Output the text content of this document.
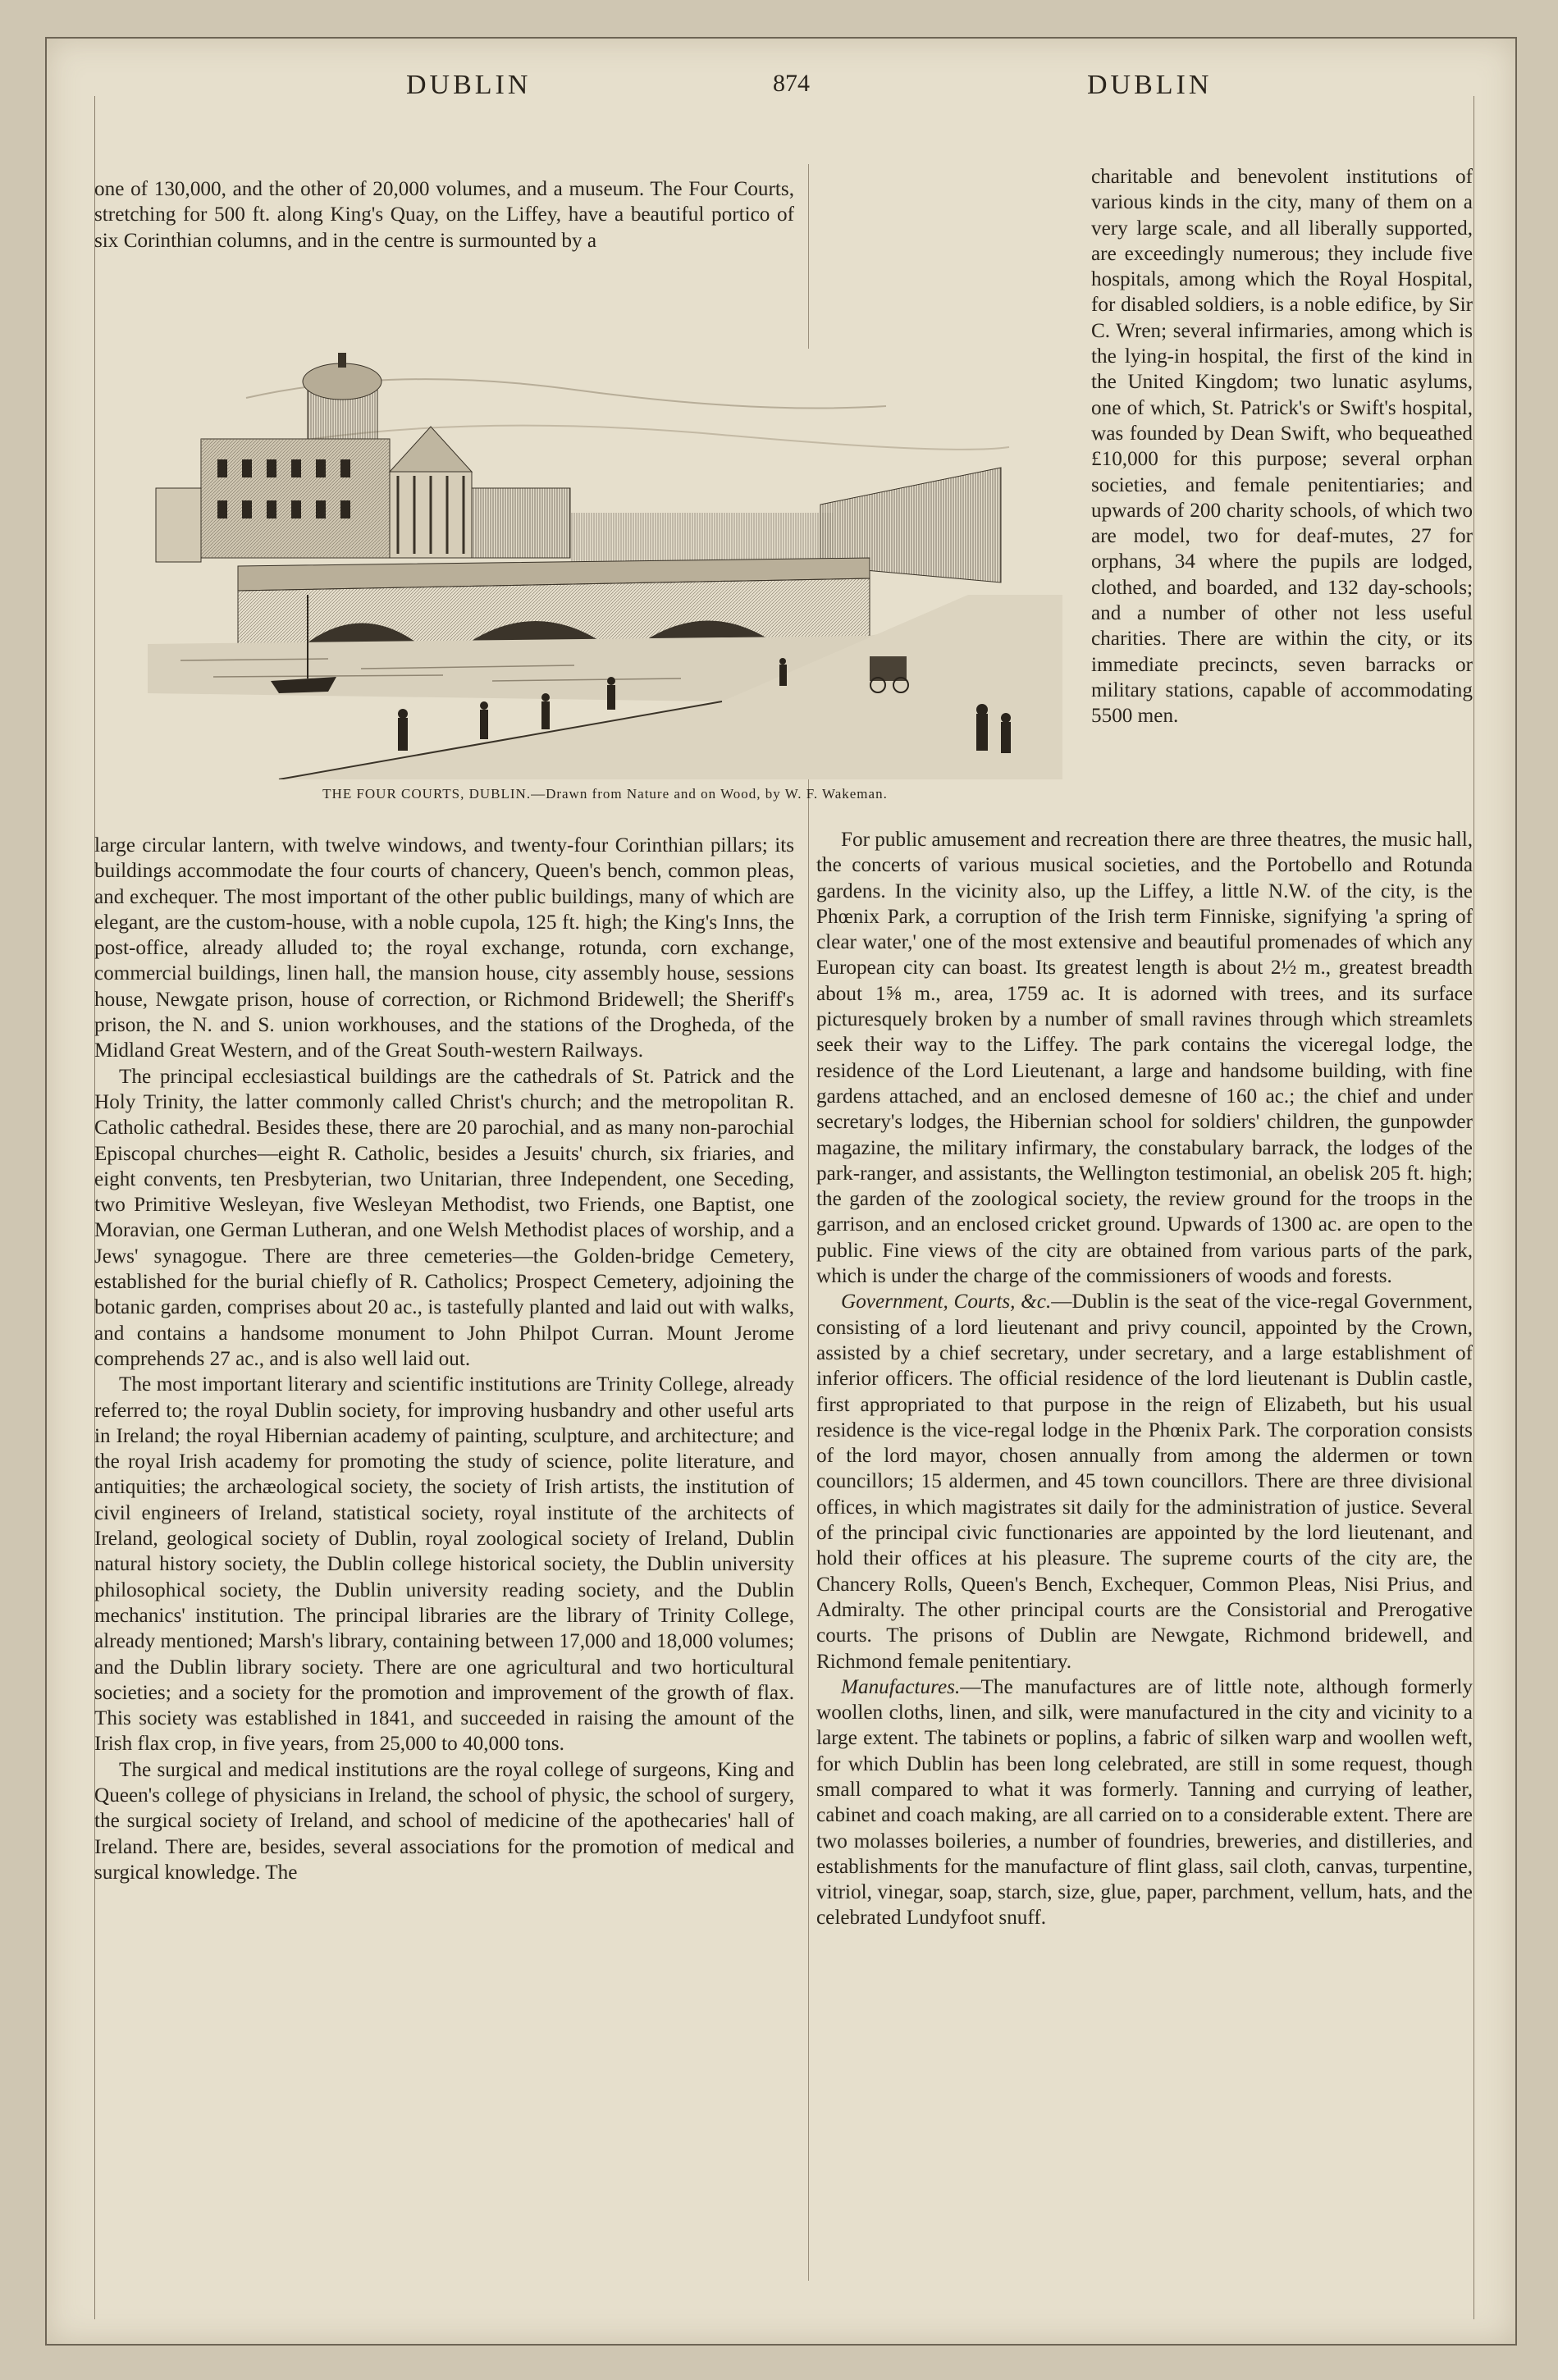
DUBLIN	874	DUBLIN

one of 130,000, and the other of 20,000 volumes, and a museum. The Four Courts, stretching for 500 ft. along King's Quay, on the Liffey, have a beautiful portico of six Corinthian columns, and in the centre is surmounted by a

THE FOUR COURTS, DUBLIN.—Drawn from Nature and on Wood, by W. F. Wakeman.

large circular lantern, with twelve windows, and twenty-four Corinthian pillars; its buildings accommodate the four courts of chancery, Queen's bench, common pleas, and exchequer. The most important of the other public buildings, many of which are elegant, are the custom-house, with a noble cupola, 125 ft. high; the King's Inns, the post-office, already alluded to; the royal exchange, rotunda, corn exchange, commercial buildings, linen hall, the mansion house, city assembly house, sessions house, Newgate prison, house of correction, or Richmond Bridewell; the Sheriff's prison, the N. and S. union workhouses, and the stations of the Drogheda, of the Midland Great Western, and of the Great South-western Railways.

The principal ecclesiastical buildings are the cathedrals of St. Patrick and the Holy Trinity, the latter commonly called Christ's church; and the metropolitan R. Catholic cathedral. Besides these, there are 20 parochial, and as many non-parochial Episcopal churches—eight R. Catholic, besides a Jesuits' church, six friaries, and eight convents, ten Presbyterian, two Unitarian, three Independent, one Seceding, two Primitive Wesleyan, five Wesleyan Methodist, two Friends, one Baptist, one Moravian, one German Lutheran, and one Welsh Methodist places of worship, and a Jews' synagogue. There are three cemeteries—the Golden-bridge Cemetery, established for the burial chiefly of R. Catholics; Prospect Cemetery, adjoining the botanic garden, comprises about 20 ac., is tastefully planted and laid out with walks, and contains a handsome monument to John Philpot Curran. Mount Jerome comprehends 27 ac., and is also well laid out.

The most important literary and scientific institutions are Trinity College, already referred to; the royal Dublin society, for improving husbandry and other useful arts in Ireland; the royal Hibernian academy of painting, sculpture, and architecture; and the royal Irish academy for promoting the study of science, polite literature, and antiquities; the archæological society, the society of Irish artists, the institution of civil engineers of Ireland, statistical society, royal institute of the architects of Ireland, geological society of Dublin, royal zoological society of Ireland, Dublin natural history society, the Dublin college historical society, the Dublin university philosophical society, the Dublin university reading society, and the Dublin mechanics' institution. The principal libraries are the library of Trinity College, already mentioned; Marsh's library, containing between 17,000 and 18,000 volumes; and the Dublin library society. There are one agricultural and two horticultural societies; and a society for the promotion and improvement of the growth of flax. This society was established in 1841, and succeeded in raising the amount of the Irish flax crop, in five years, from 25,000 to 40,000 tons.

The surgical and medical institutions are the royal college of surgeons, King and Queen's college of physicians in Ireland, the school of physic, the school of surgery, the surgical society of Ireland, and school of medicine of the apothecaries' hall of Ireland. There are, besides, several associations for the promotion of medical and surgical knowledge. The

charitable and benevolent institutions of various kinds in the city, many of them on a very large scale, and all liberally supported, are exceedingly numerous; they include five hospitals, among which the Royal Hospital, for disabled soldiers, is a noble edifice, by Sir C. Wren; several infirmaries, among which is the lying-in hospital, the first of the kind in the United Kingdom; two lunatic asylums, one of which, St. Patrick's or Swift's hospital, was founded by Dean Swift, who bequeathed £10,000 for this purpose; several orphan societies, and female penitentiaries; and upwards of 200 charity schools, of which two are model, two for deaf-mutes, 27 for orphans, 34 where the pupils are lodged, clothed, and boarded, and 132 day-schools; and a number of other not less useful charities. There are within the city, or its immediate precincts, seven barracks or military stations, capable of accommodating 5500 men.

For public amusement and recreation there are three theatres, the music hall, the concerts of various musical societies, and the Portobello and Rotunda gardens. In the vicinity also, up the Liffey, a little N.W. of the city, is the Phœnix Park, a corruption of the Irish term Finniske, signifying 'a spring of clear water,' one of the most extensive and beautiful promenades of which any European city can boast. Its greatest length is about 2½ m., greatest breadth about 1⅝ m., area, 1759 ac. It is adorned with trees, and its surface picturesquely broken by a number of small ravines through which streamlets seek their way to the Liffey. The park contains the viceregal lodge, the residence of the Lord Lieutenant, a large and handsome building, with fine gardens attached, and an enclosed demesne of 160 ac.; the chief and under secretary's lodges, the Hibernian school for soldiers' children, the gunpowder magazine, the military infirmary, the constabulary barrack, the lodges of the park-ranger, and assistants, the Wellington testimonial, an obelisk 205 ft. high; the garden of the zoological society, the review ground for the troops in the garrison, and an enclosed cricket ground. Upwards of 1300 ac. are open to the public. Fine views of the city are obtained from various parts of the park, which is under the charge of the commissioners of woods and forests.

Government, Courts, &c.—Dublin is the seat of the vice-regal Government, consisting of a lord lieutenant and privy council, appointed by the Crown, assisted by a chief secretary, under secretary, and a large establishment of inferior officers. The official residence of the lord lieutenant is Dublin castle, first appropriated to that purpose in the reign of Elizabeth, but his usual residence is the vice-regal lodge in the Phœnix Park. The corporation consists of the lord mayor, chosen annually from among the aldermen or town councillors; 15 aldermen, and 45 town councillors. There are three divisional offices, in which magistrates sit daily for the administration of justice. Several of the principal civic functionaries are appointed by the lord lieutenant, and hold their offices at his pleasure. The supreme courts of the city are, the Chancery Rolls, Queen's Bench, Exchequer, Common Pleas, Nisi Prius, and Admiralty. The other principal courts are the Consistorial and Prerogative courts. The prisons of Dublin are Newgate, Richmond bridewell, and Richmond female penitentiary.

Manufactures.—The manufactures are of little note, although formerly woollen cloths, linen, and silk, were manufactured in the city and vicinity to a large extent. The tabinets or poplins, a fabric of silken warp and woollen weft, for which Dublin has been long celebrated, are still in some request, though small compared to what it was formerly. Tanning and currying of leather, cabinet and coach making, are all carried on to a considerable extent. There are two molasses boileries, a number of foundries, breweries, and distilleries, and establishments for the manufacture of flint glass, sail cloth, canvas, turpentine, vitriol, vinegar, soap, starch, size, glue, paper, parchment, vellum, hats, and the celebrated Lundyfoot snuff.
